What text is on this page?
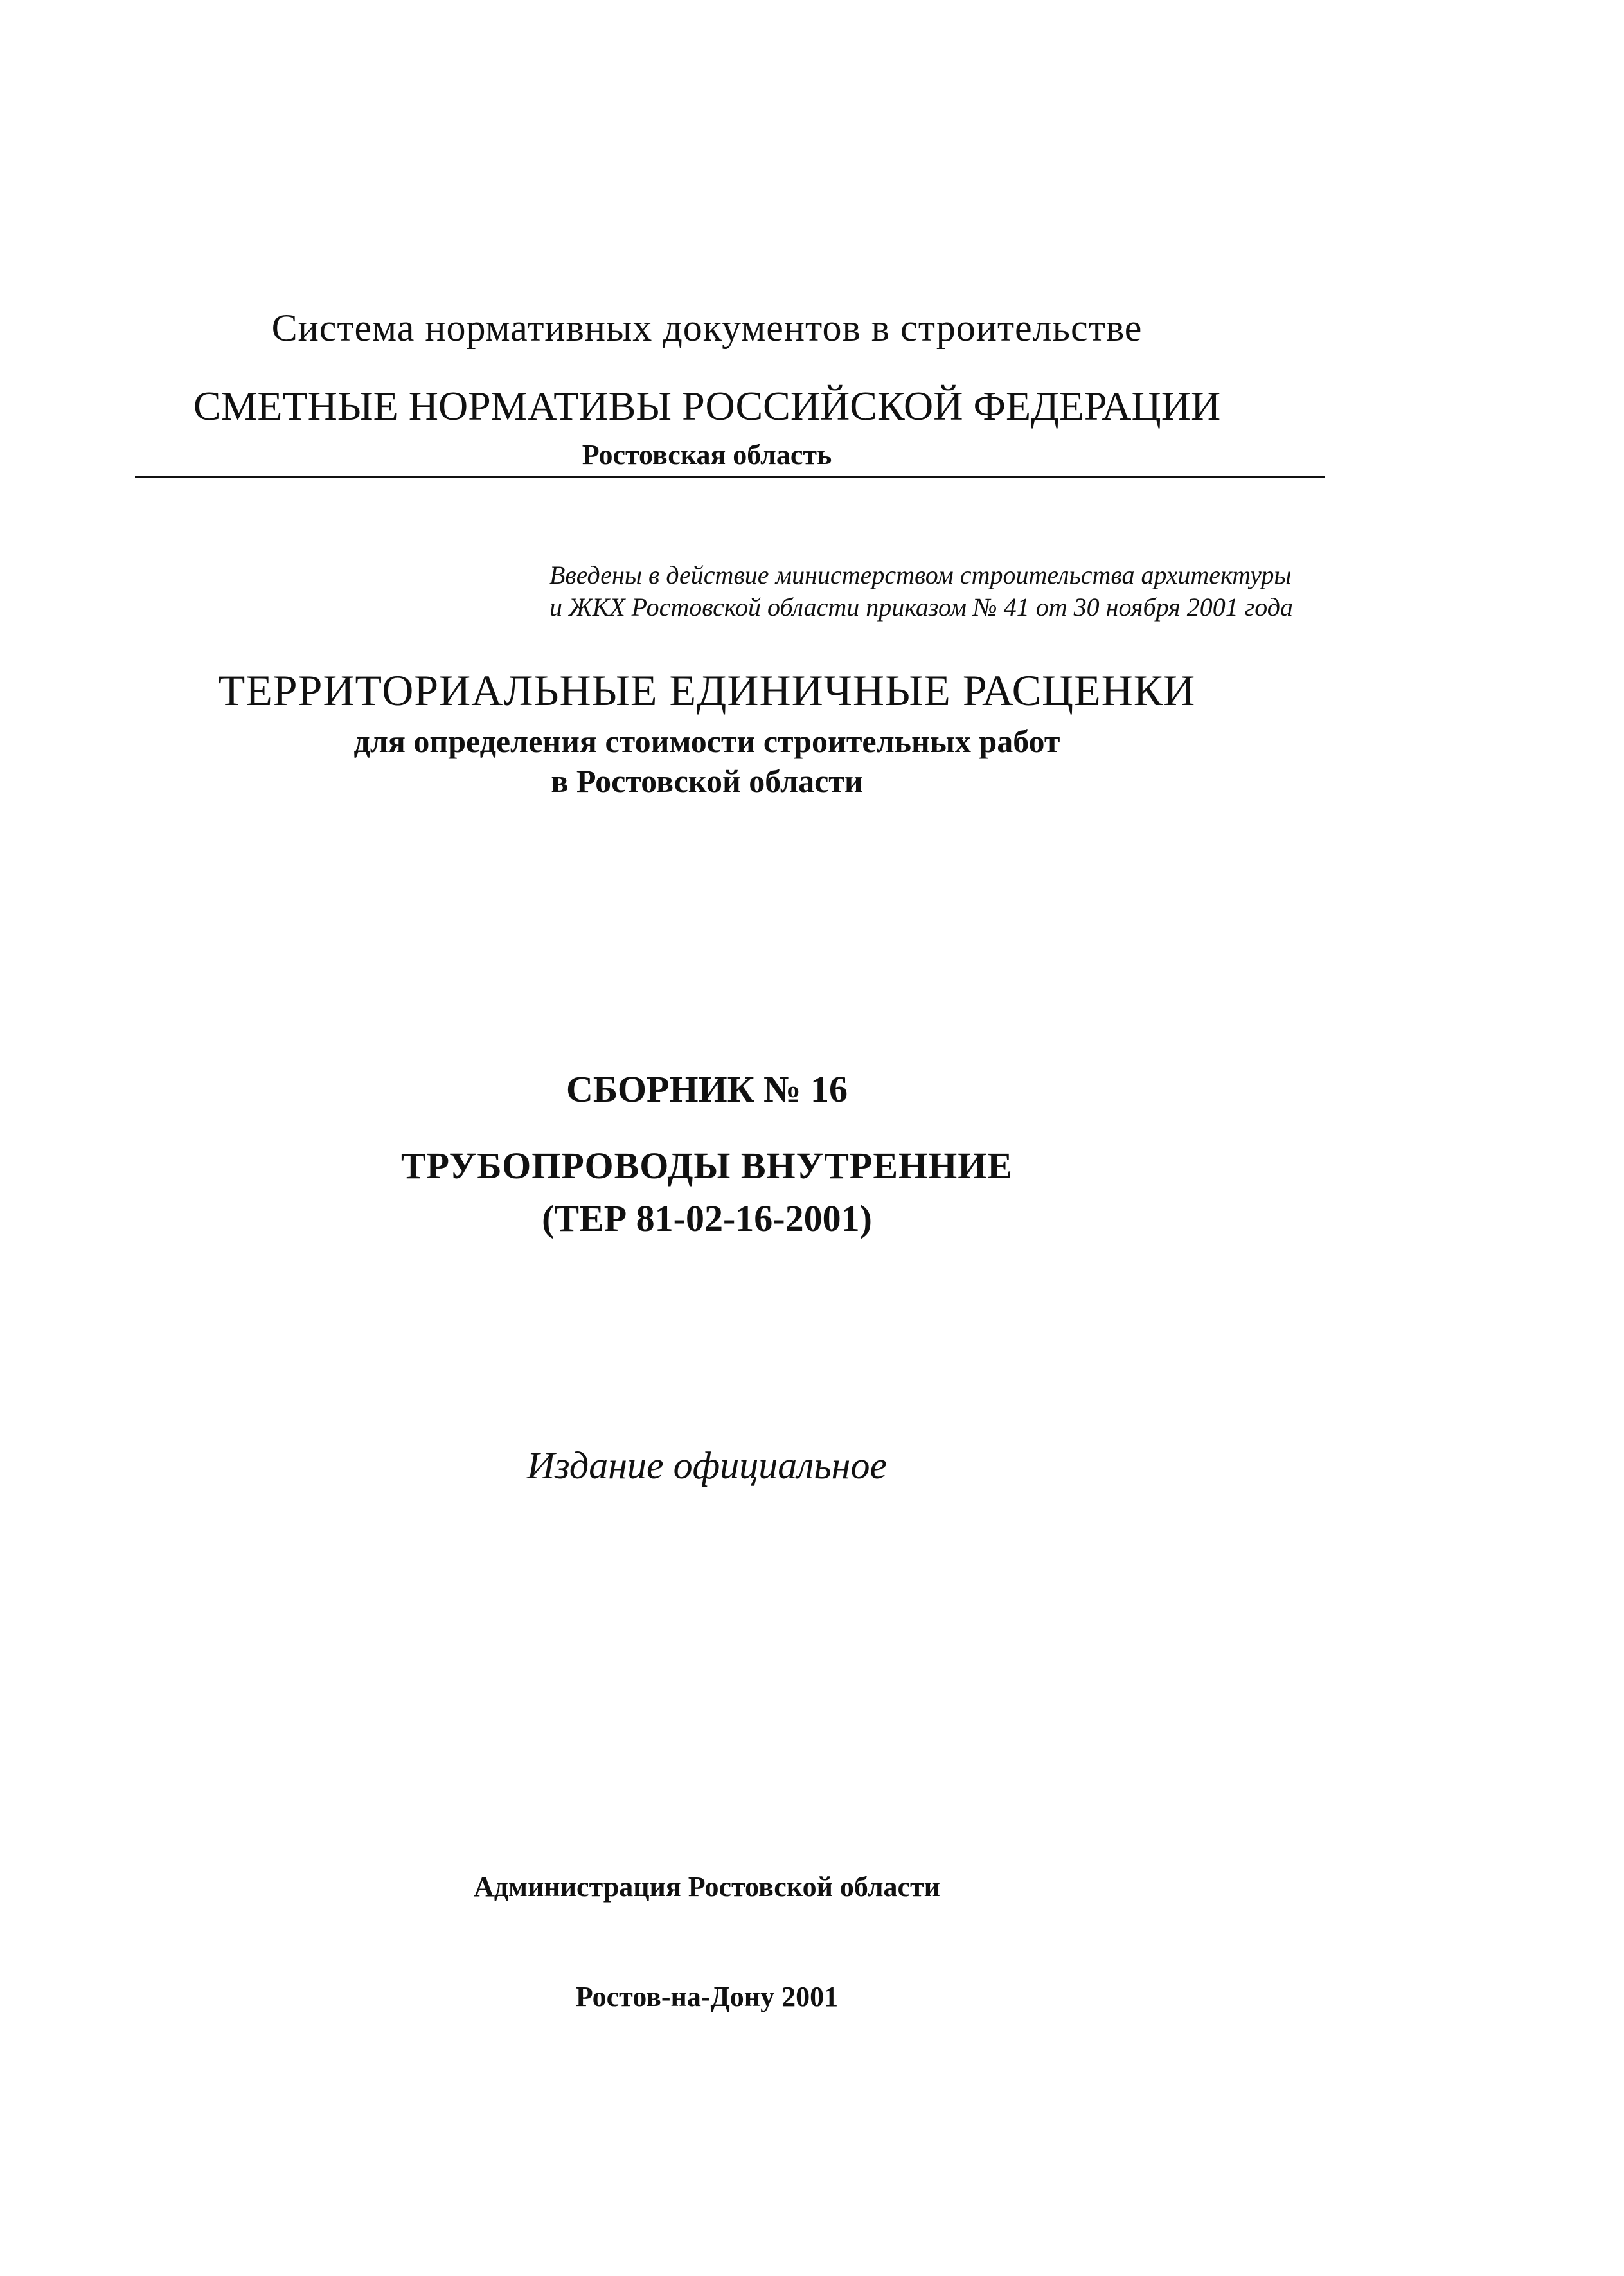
Система нормативных документов в строительстве
СМЕТНЫЕ НОРМАТИВЫ РОССИЙСКОЙ ФЕДЕРАЦИИ
Ростовская область
Введены в действие министерством строительства архитектуры
и ЖКХ Ростовской области приказом № 41 от 30 ноября 2001 года
ТЕРРИТОРИАЛЬНЫЕ ЕДИНИЧНЫЕ РАСЦЕНКИ
для определения стоимости строительных работ
в Ростовской области
СБОРНИК № 16
ТРУБОПРОВОДЫ ВНУТРЕННИЕ
(ТЕР 81-02-16-2001)
Издание официальное
Администрация Ростовской области
Ростов-на-Дону 2001
